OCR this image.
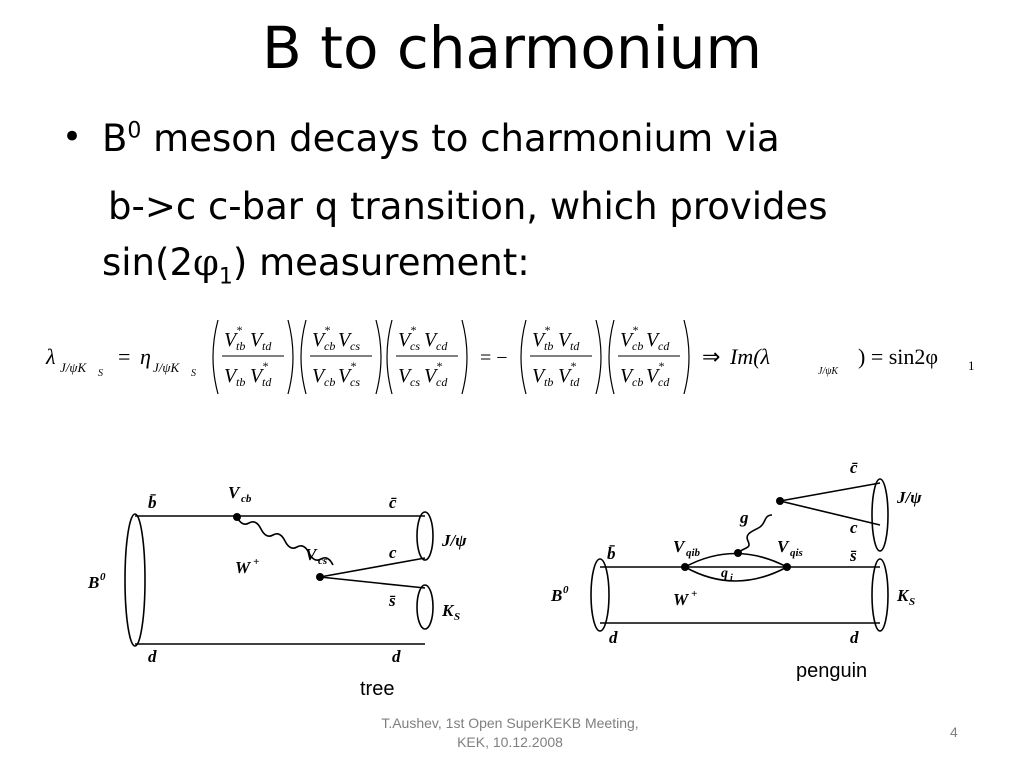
B to charmonium
• $B^0$ meson decays to charmonium via
b->c c-bar q transition, which provides
$\sin(2\varphi_1)$ measurement:
λ J/ψK S
= η J/ψK S
V tb
* V td
V tb V td
*
V cb
* V cs
V cb V cs
*
V cs
* V cd
V cs V cd
* = −
V tb
* V td
V tb V td
*
V cb
* V cd
V cb V cd
* ⇒ Im(λ
J/ψK
) = sin2φ 1
b̄
V cb	c̄
c
V cs
W +
s̄
B 0
J/ψ
K S
d	d
tree
c̄
c
J/ψ
g
b̄	V qib	V qis	s̄
q i
W +
B 0	K S
d	d
penguin
T.Aushev, 1st Open SuperKEKB Meeting,
KEK, 10.12.2008
4
